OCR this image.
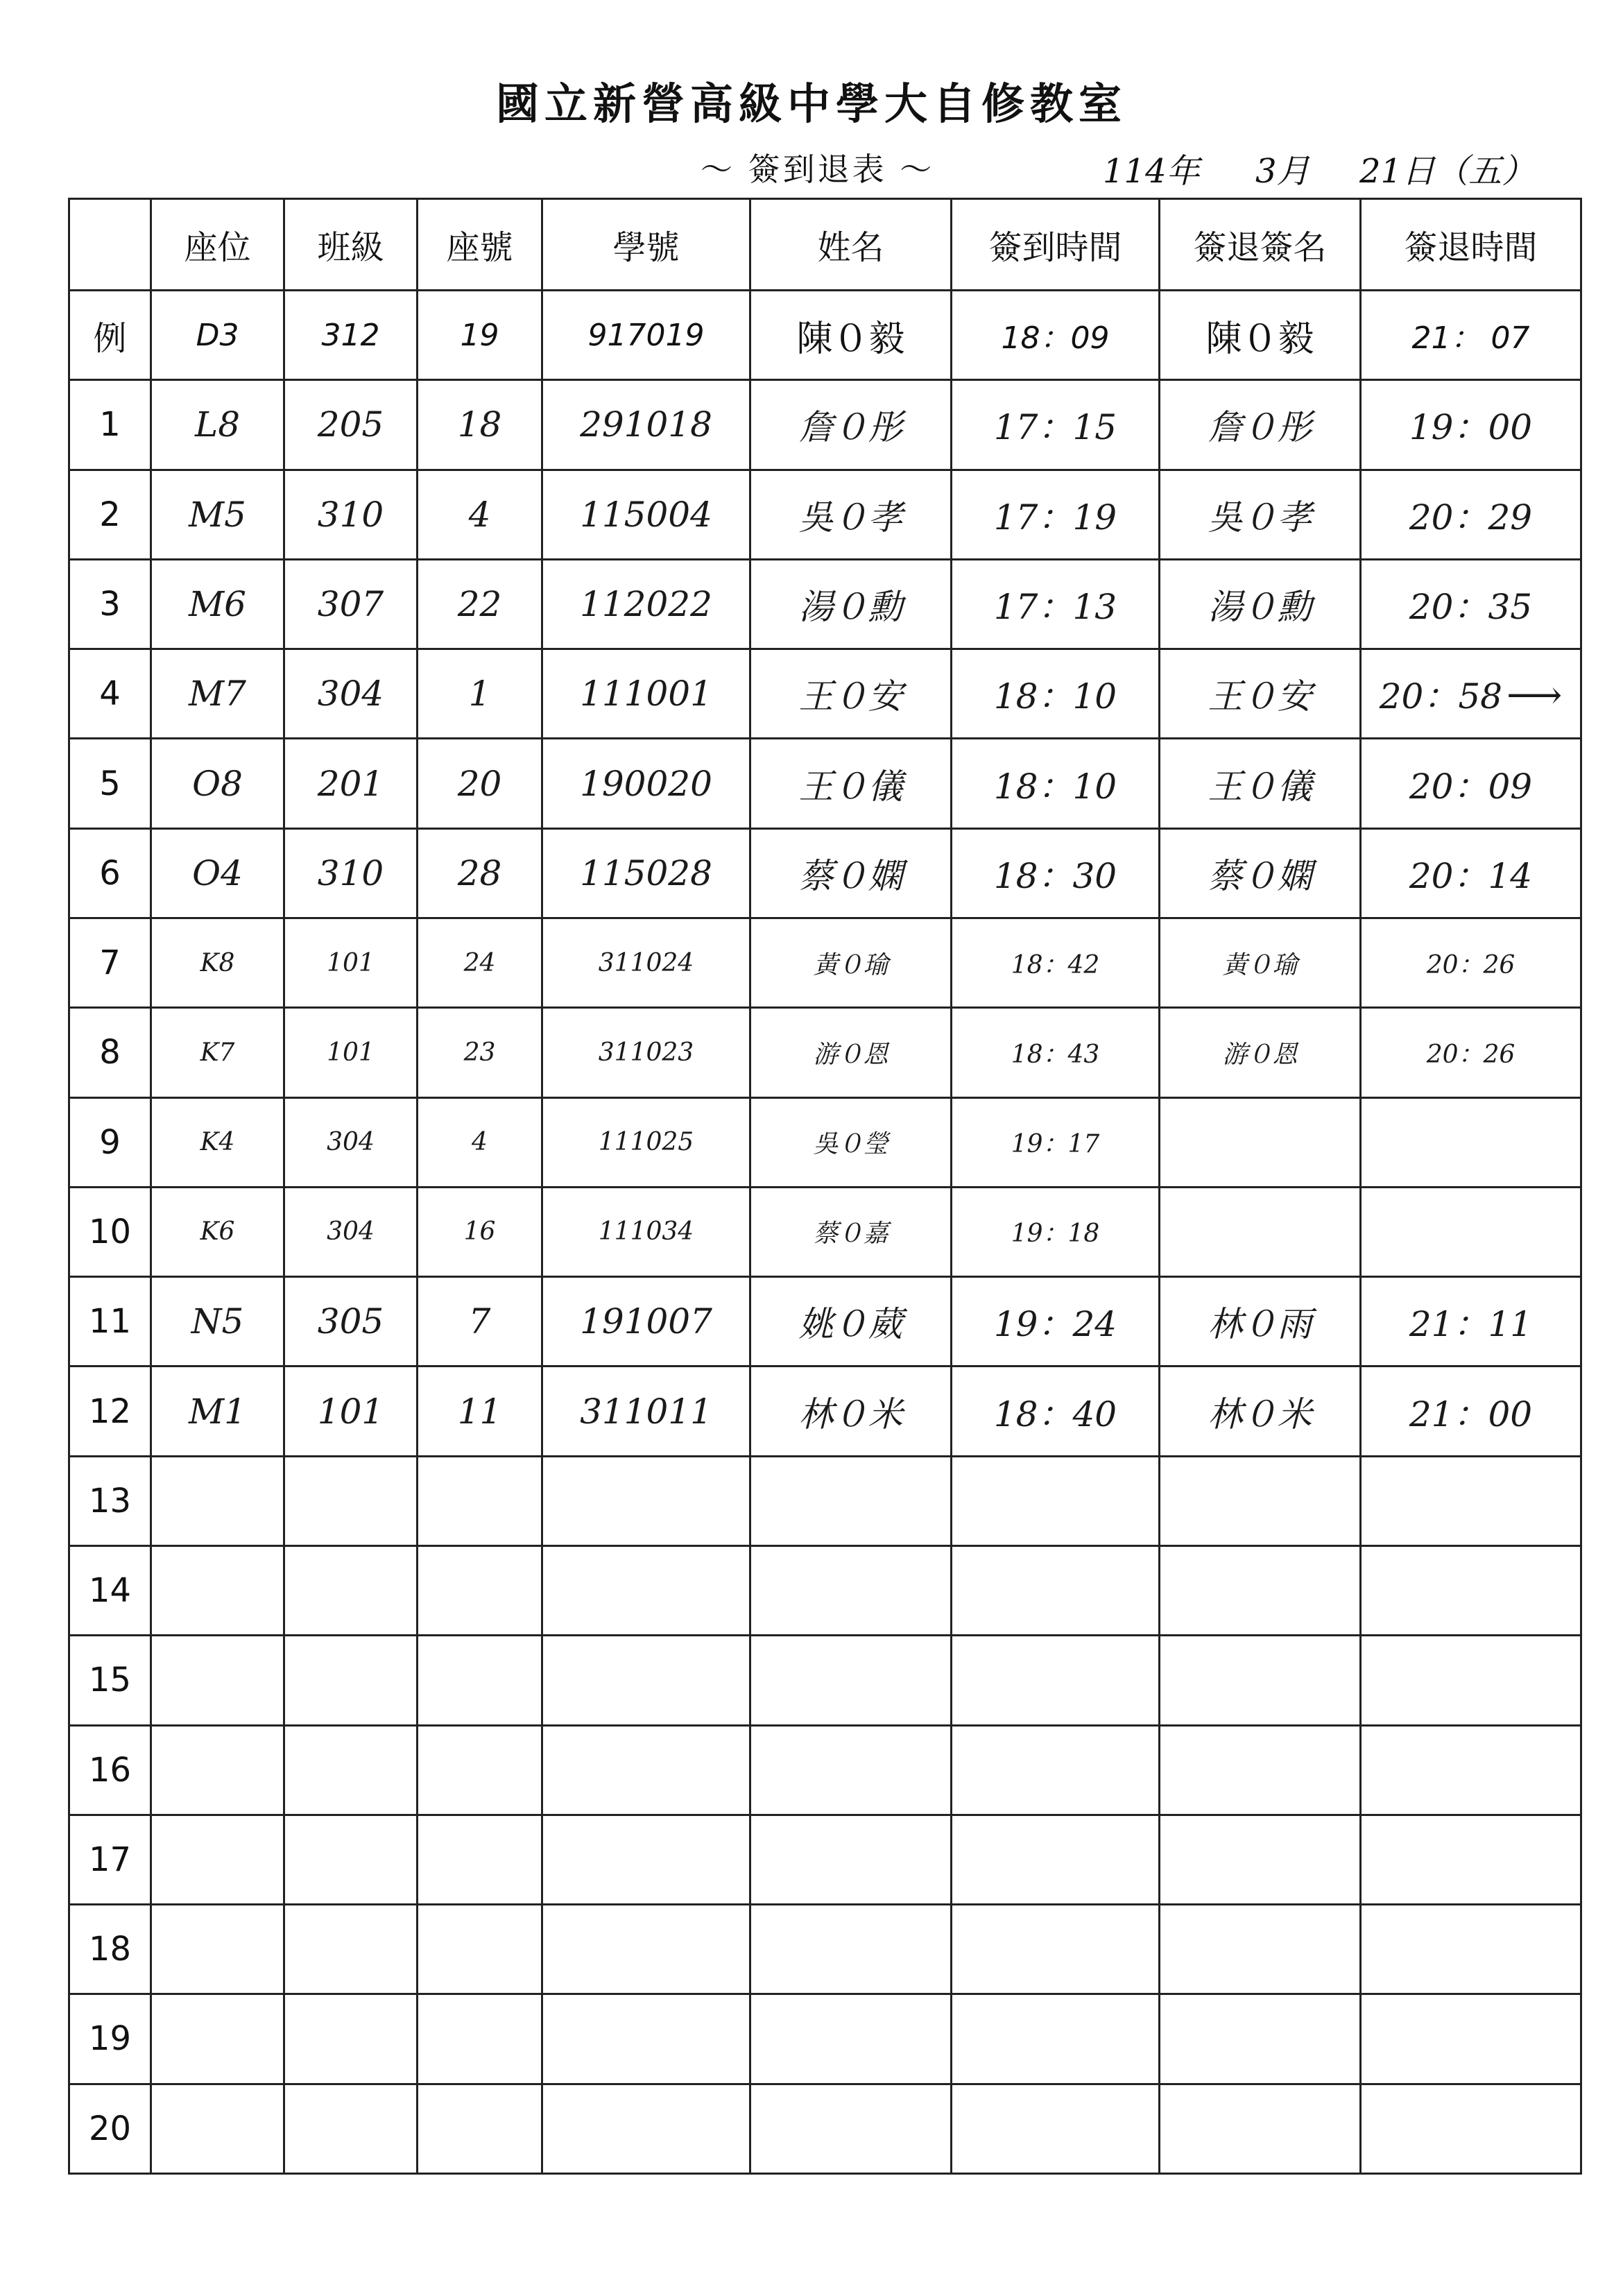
國立新營高級中學大自修教室
～ 簽到退表 ～	114年 3月 21日（五）
	座位	班級	座號	學號	姓名	簽到時間	簽退簽名	簽退時間
例	D3	312	19	917019	陳０毅	18：09	陳０毅	21： 07
1	L8	205	18	291018	詹０彤	17：15	詹０彤	19：00
2	M5	310	4	115004	吳０孝	17：19	吳０孝	20：29
3	M6	307	22	112022	湯０勳	17：13	湯０勳	20：35
4	M7	304	1	111001	王０安	18：10	王０安	20：58 ⟶
5	O8	201	20	190020	王０儀	18：10	王０儀	20：09
6	O4	310	28	115028	蔡０嫻	18：30	蔡０嫻	20：14
7	K8	101	24	311024	黃０瑜	18：42	黃０瑜	20：26
8	K7	101	23	311023	游０恩	18：43	游０恩	20：26
9	K4	304	4	111025	吳０瑩	19：17		
10	K6	304	16	111034	蔡０嘉	19：18		
11	N5	305	7	191007	姚０葳	19：24	林０雨	21：11
12	M1	101	11	311011	林０米	18：40	林０米	21：00
13								
14								
15								
16								
17								
18								
19								
20								
